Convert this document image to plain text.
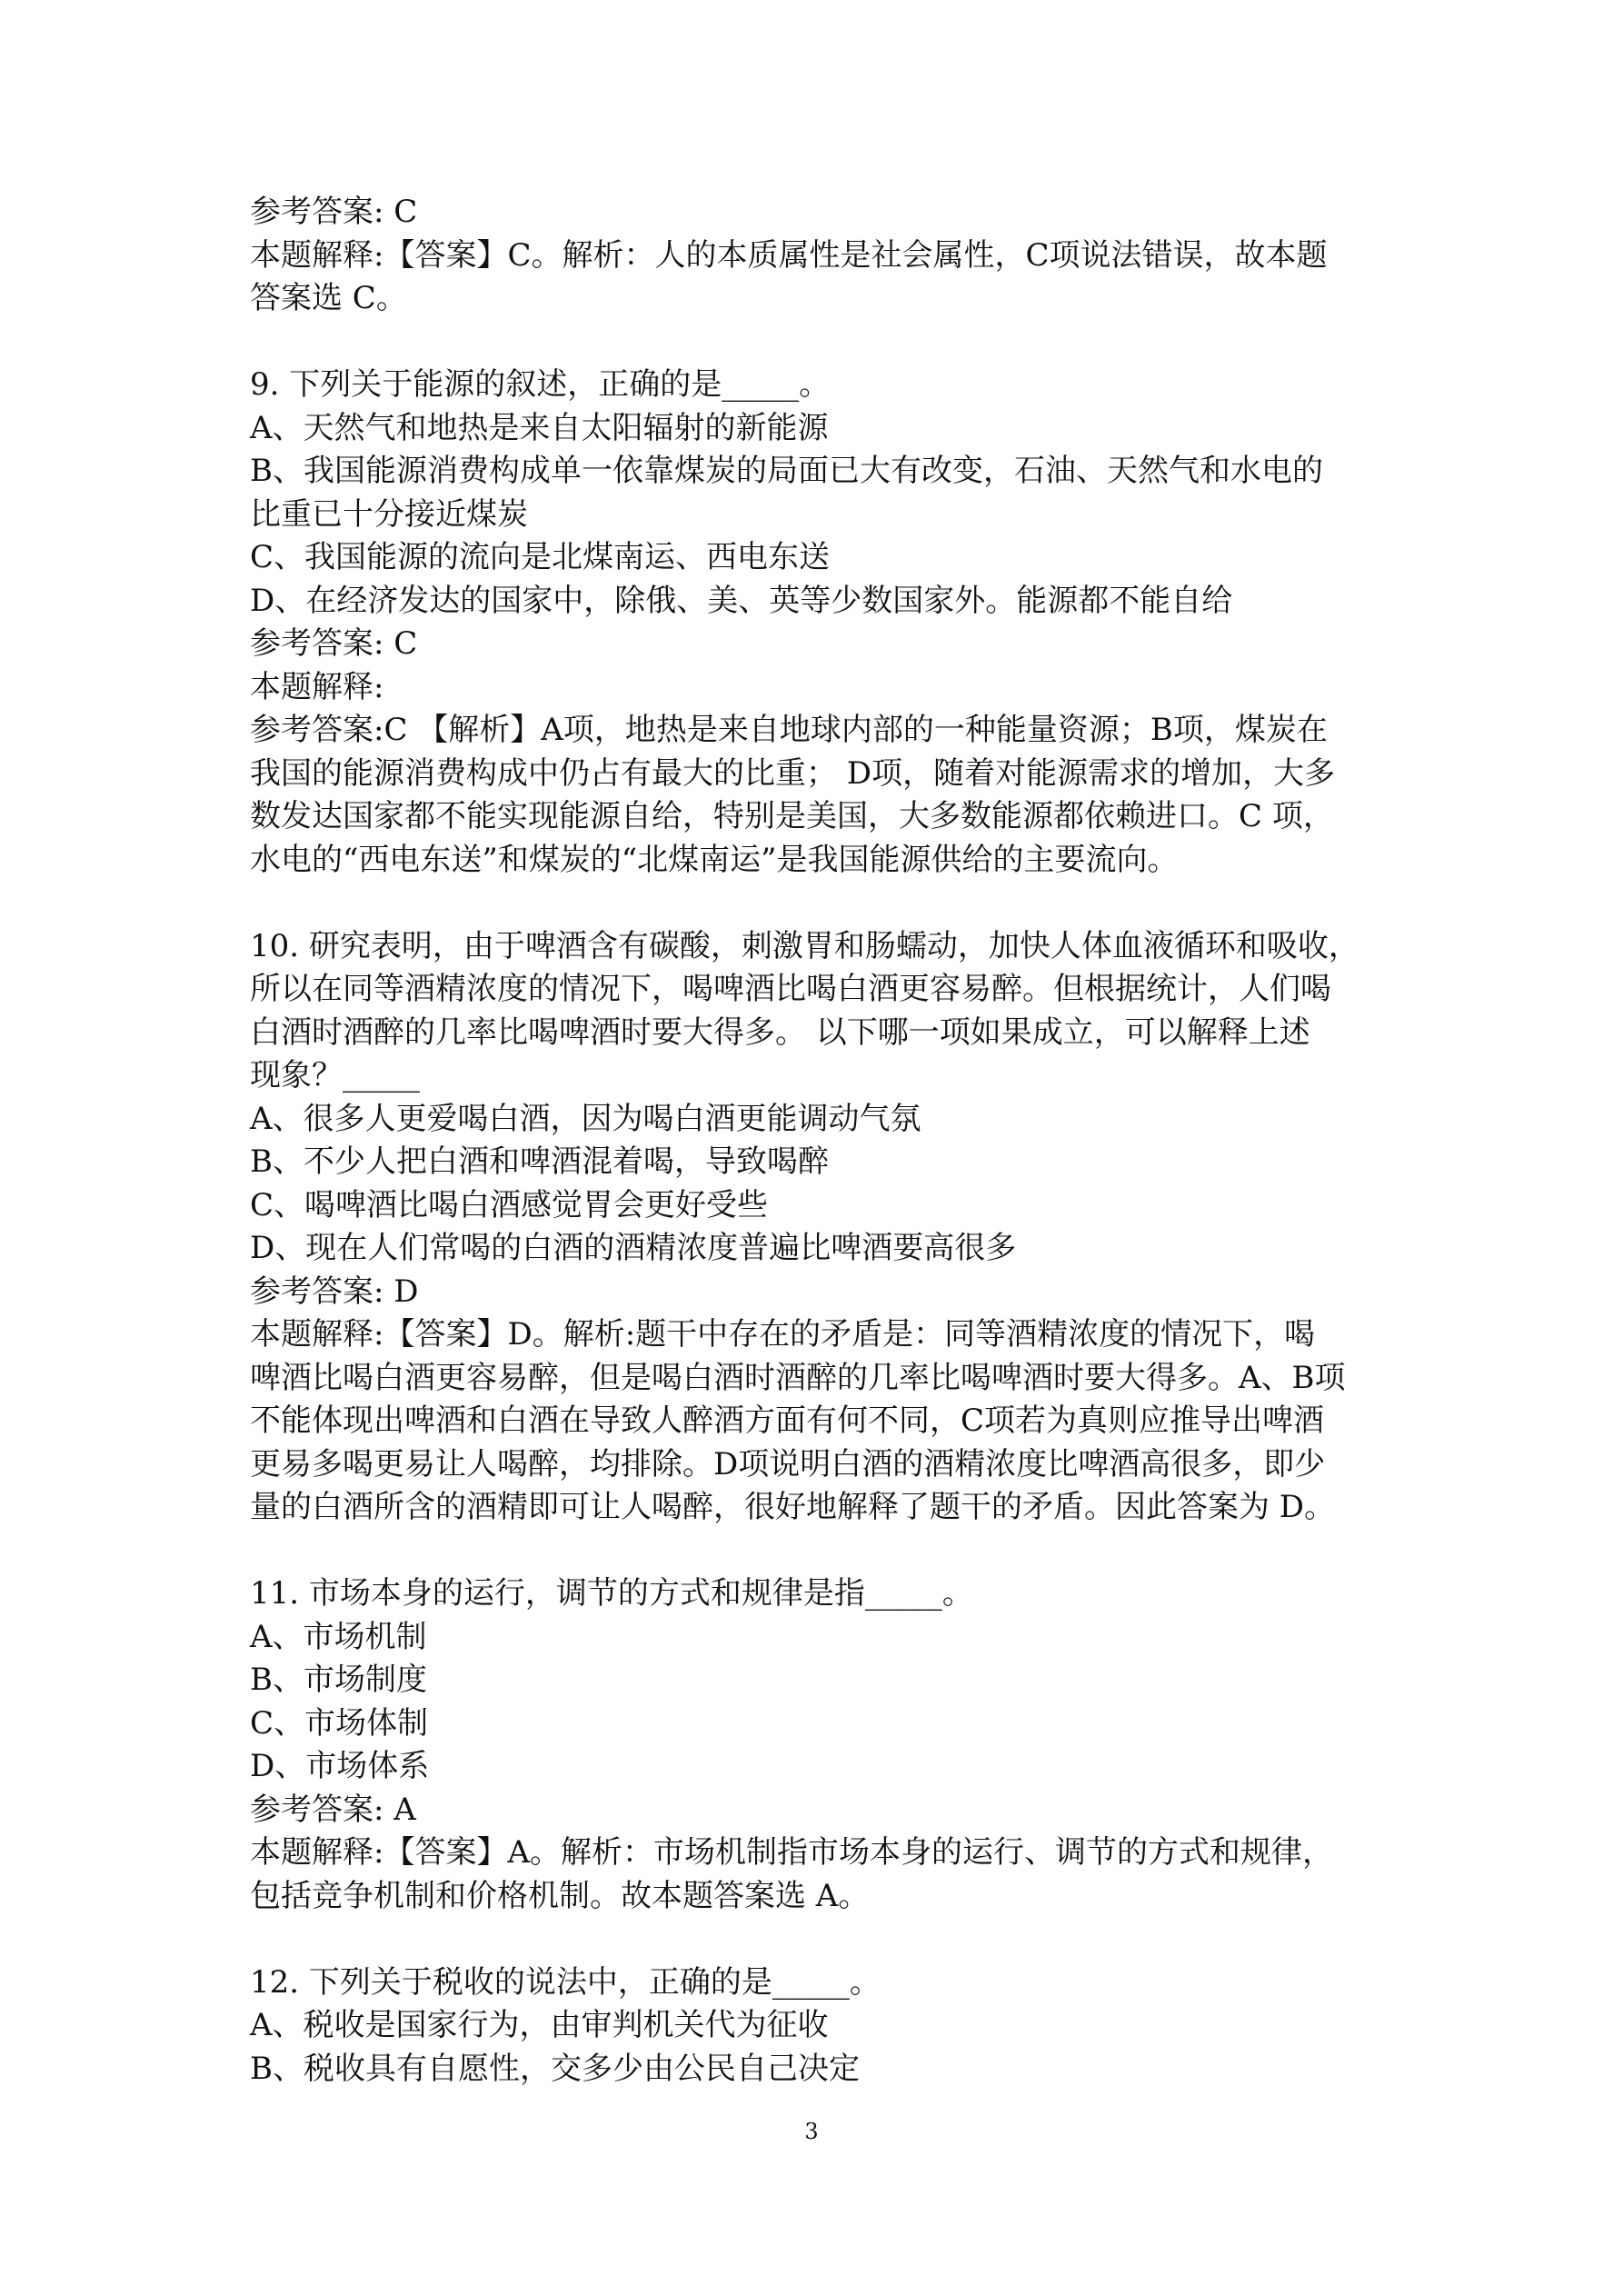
参考答案: C
本题解释:【答案】C。解析：人的本质属性是社会属性，C项说法错误，故本题
答案选 C。
9. 下列关于能源的叙述，正确的是_____。
A、天然气和地热是来自太阳辐射的新能源
B、我国能源消费构成单一依靠煤炭的局面已大有改变，石油、天然气和水电的
比重已十分接近煤炭
C、我国能源的流向是北煤南运、西电东送
D、在经济发达的国家中，除俄、美、英等少数国家外。能源都不能自给
参考答案: C
本题解释:
参考答案:C 【解析】A项，地热是来自地球内部的一种能量资源；B项，煤炭在
我国的能源消费构成中仍占有最大的比重； D项，随着对能源需求的增加，大多
数发达国家都不能实现能源自给，特别是美国，大多数能源都依赖进口。C 项，
水电的“西电东送”和煤炭的“北煤南运”是我国能源供给的主要流向。
10. 研究表明，由于啤酒含有碳酸，刺激胃和肠蠕动，加快人体血液循环和吸收，
所以在同等酒精浓度的情况下，喝啤酒比喝白酒更容易醉。但根据统计，人们喝
白酒时酒醉的几率比喝啤酒时要大得多。 以下哪一项如果成立，可以解释上述
现象？_____
A、很多人更爱喝白酒，因为喝白酒更能调动气氛
B、不少人把白酒和啤酒混着喝，导致喝醉
C、喝啤酒比喝白酒感觉胃会更好受些
D、现在人们常喝的白酒的酒精浓度普遍比啤酒要高很多
参考答案: D
本题解释:【答案】D。解析:题干中存在的矛盾是：同等酒精浓度的情况下，喝
啤酒比喝白酒更容易醉，但是喝白酒时酒醉的几率比喝啤酒时要大得多。A、B项
不能体现出啤酒和白酒在导致人醉酒方面有何不同，C项若为真则应推导出啤酒
更易多喝更易让人喝醉，均排除。D项说明白酒的酒精浓度比啤酒高很多，即少
量的白酒所含的酒精即可让人喝醉，很好地解释了题干的矛盾。因此答案为 D。
11. 市场本身的运行，调节的方式和规律是指_____。
A、市场机制
B、市场制度
C、市场体制
D、市场体系
参考答案: A
本题解释:【答案】A。解析：市场机制指市场本身的运行、调节的方式和规律，
包括竞争机制和价格机制。故本题答案选 A。
12. 下列关于税收的说法中，正确的是_____。
A、税收是国家行为，由审判机关代为征收
B、税收具有自愿性，交多少由公民自己决定
3
